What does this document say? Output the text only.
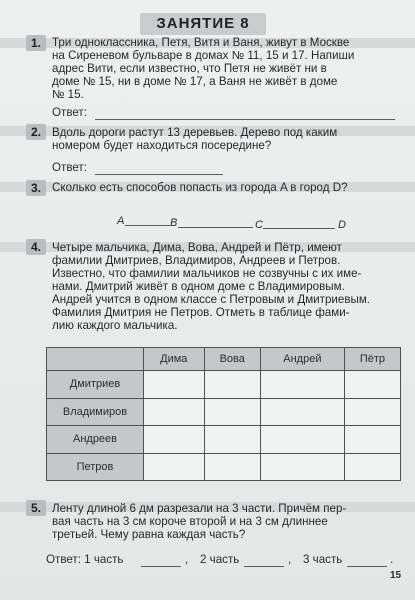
ЗАНЯТИЕ 8
1. Три одноклассника, Петя, Витя и Ваня, живут в Москве
на Сиреневом бульваре в домах № 11, 15 и 17. Напиши
адрес Вити, если известно, что Петя не живёт ни в
доме № 15, ни в доме № 17, а Ваня не живёт в доме
№ 15.
Ответ:
2. Вдоль дороги растут 13 деревьев. Дерево под каким
номером будет находиться посередине?
Ответ:
3. Сколько есть способов попасть из города A в город D?
A	B	C	D
4. Четыре мальчика, Дима, Вова, Андрей и Пётр, имеют
фамилии Дмитриев, Владимиров, Андреев и Петров.
Известно, что фамилии мальчиков не созвучны с их име-
нами. Дмитрий живёт в одном доме с Владимировым.
Андрей учится в одном классе с Петровым и Дмитриевым.
Фамилия Дмитрия не Петров. Отметь в таблице фами-
лию каждого мальчика.
	Дима	Вова	Андрей	Пётр
Дмитриев				
Владимиров				
Андреев				
Петров				
5. Ленту длиной 6 дм разрезали на 3 части. Причём пер-
вая часть на 3 см короче второй и на 3 см длиннее
третьей. Чему равна каждая часть?
Ответ: 1 часть	, 2 часть	, 3 часть	.
15
